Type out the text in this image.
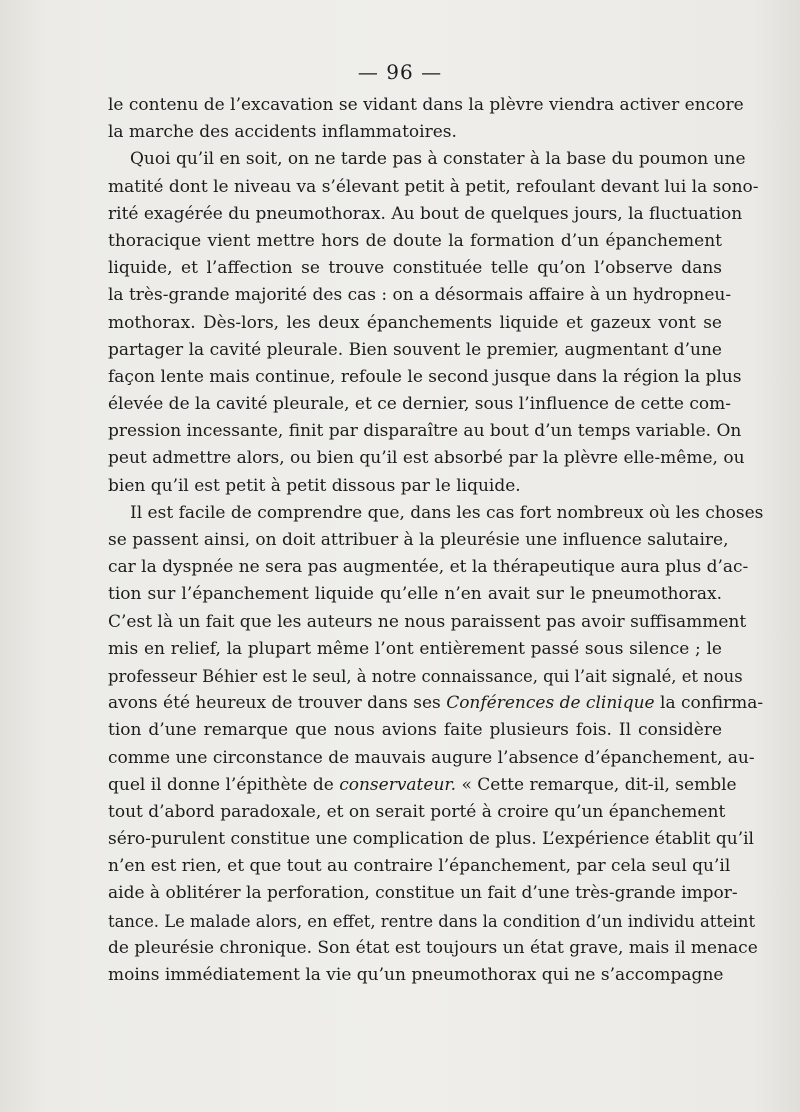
— 96 —
le contenu de l’excavation se vidant dans la plèvre viendra activer encore
la marche des accidents inflammatoires.
Quoi qu’il en soit, on ne tarde pas à constater à la base du poumon une
matité dont le niveau va s’élevant petit à petit, refoulant devant lui la sono-
rité exagérée du pneumothorax. Au bout de quelques jours, la fluctuation
thoracique vient mettre hors de doute la formation d’un épanchement
liquide, et l’affection se trouve constituée telle qu’on l’observe dans
la très-grande majorité des cas : on a désormais affaire à un hydropneu-
mothorax. Dès-lors, les deux épanchements liquide et gazeux vont se
partager la cavité pleurale. Bien souvent le premier, augmentant d’une
façon lente mais continue, refoule le second jusque dans la région la plus
élevée de la cavité pleurale, et ce dernier, sous l’influence de cette com-
pression incessante, finit par disparaître au bout d’un temps variable. On
peut admettre alors, ou bien qu’il est absorbé par la plèvre elle-même, ou
bien qu’il est petit à petit dissous par le liquide.
Il est facile de comprendre que, dans les cas fort nombreux où les choses
se passent ainsi, on doit attribuer à la pleurésie une influence salutaire,
car la dyspnée ne sera pas augmentée, et la thérapeutique aura plus d’ac-
tion sur l’épanchement liquide qu’elle n’en avait sur le pneumothorax.
C’est là un fait que les auteurs ne nous paraissent pas avoir suffisamment
mis en relief, la plupart même l’ont entièrement passé sous silence ; le
professeur Béhier est le seul, à notre connaissance, qui l’ait signalé, et nous
avons été heureux de trouver dans ses Conférences de clinique la confirma-
tion d’une remarque que nous avions faite plusieurs fois. Il considère
comme une circonstance de mauvais augure l’absence d’épanchement, au-
quel il donne l’épithète de conservateur. « Cette remarque, dit-il, semble
tout d’abord paradoxale, et on serait porté à croire qu’un épanchement
séro-purulent constitue une complication de plus. L’expérience établit qu’il
n’en est rien, et que tout au contraire l’épanchement, par cela seul qu’il
aide à oblitérer la perforation, constitue un fait d’une très-grande impor-
tance. Le malade alors, en effet, rentre dans la condition d’un individu atteint
de pleurésie chronique. Son état est toujours un état grave, mais il menace
moins immédiatement la vie qu’un pneumothorax qui ne s’accompagne
